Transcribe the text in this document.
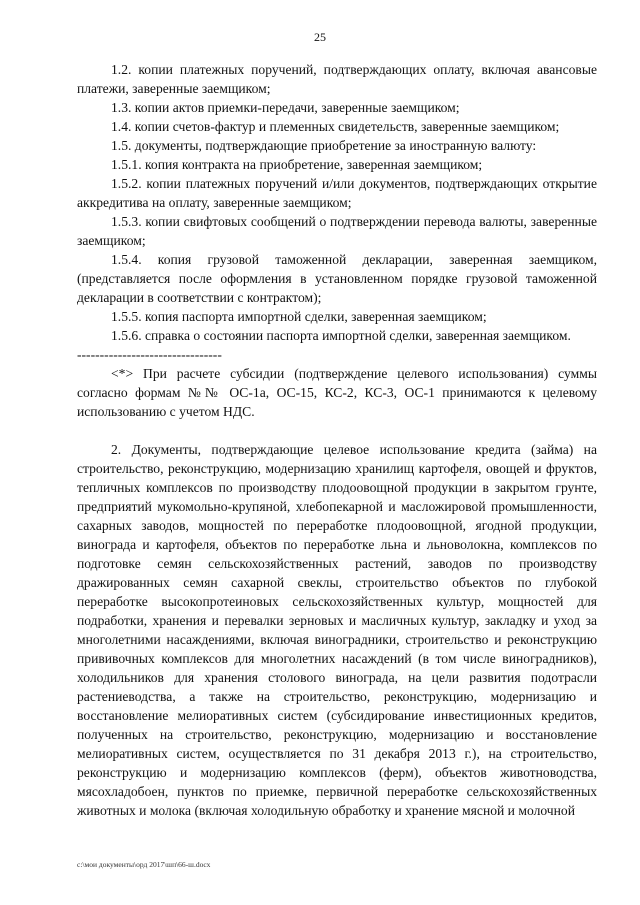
25

1.2. копии платежных поручений, подтверждающих оплату, включая авансовые платежи, заверенные заемщиком;

1.3. копии актов приемки-передачи, заверенные заемщиком;

1.4. копии счетов-фактур и племенных свидетельств, заверенные заемщиком;

1.5. документы, подтверждающие приобретение за иностранную валюту:

1.5.1. копия контракта на приобретение, заверенная заемщиком;

1.5.2. копии платежных поручений и/или документов, подтверждающих открытие аккредитива на оплату, заверенные заемщиком;

1.5.3. копии свифтовых сообщений о подтверждении перевода валюты, заверенные заемщиком;

1.5.4. копия грузовой таможенной декларации, заверенная заемщиком, (представляется после оформления в установленном порядке грузовой таможенной декларации в соответствии с контрактом);

1.5.5. копия паспорта импортной сделки, заверенная заемщиком;

1.5.6. справка о состоянии паспорта импортной сделки, заверенная заемщиком.

--------------------------------

<*> При расчете субсидии (подтверждение целевого использования) суммы согласно формам №№ ОС-1а, ОС-15, КС-2, КС-3, ОС-1 принимаются к целевому использованию с учетом НДС.

2. Документы, подтверждающие целевое использование кредита (займа) на строительство, реконструкцию, модернизацию хранилищ картофеля, овощей и фруктов, тепличных комплексов по производству плодоовощной продукции в закрытом грунте, предприятий мукомольно-крупяной, хлебопекарной и масложировой промышленности, сахарных заводов, мощностей по переработке плодоовощной, ягодной продукции, винограда и картофеля, объектов по переработке льна и льноволокна, комплексов по подготовке семян сельскохозяйственных растений, заводов по производству дражированных семян сахарной свеклы, строительство объектов по глубокой переработке высокопротеиновых сельскохозяйственных культур, мощностей для подработки, хранения и перевалки зерновых и масличных культур, закладку и уход за многолетними насаждениями, включая виноградники, строительство и реконструкцию прививочных комплексов для многолетних насаждений (в том числе виноградников), холодильников для хранения столового винограда, на цели развития подотрасли растениеводства, а также на строительство, реконструкцию, модернизацию и восстановление мелиоративных систем (субсидирование инвестиционных кредитов, полученных на строительство, реконструкцию, модернизацию и восстановление мелиоративных систем, осуществляется по 31 декабря 2013 г.), на строительство, реконструкцию и модернизацию комплексов (ферм), объектов животноводства, мясохладобоен, пунктов по приемке, первичной переработке сельскохозяйственных животных и молока (включая холодильную обработку и хранение мясной и молочной

c:\мои документы\орд 2017\шп\66-ш.docx
